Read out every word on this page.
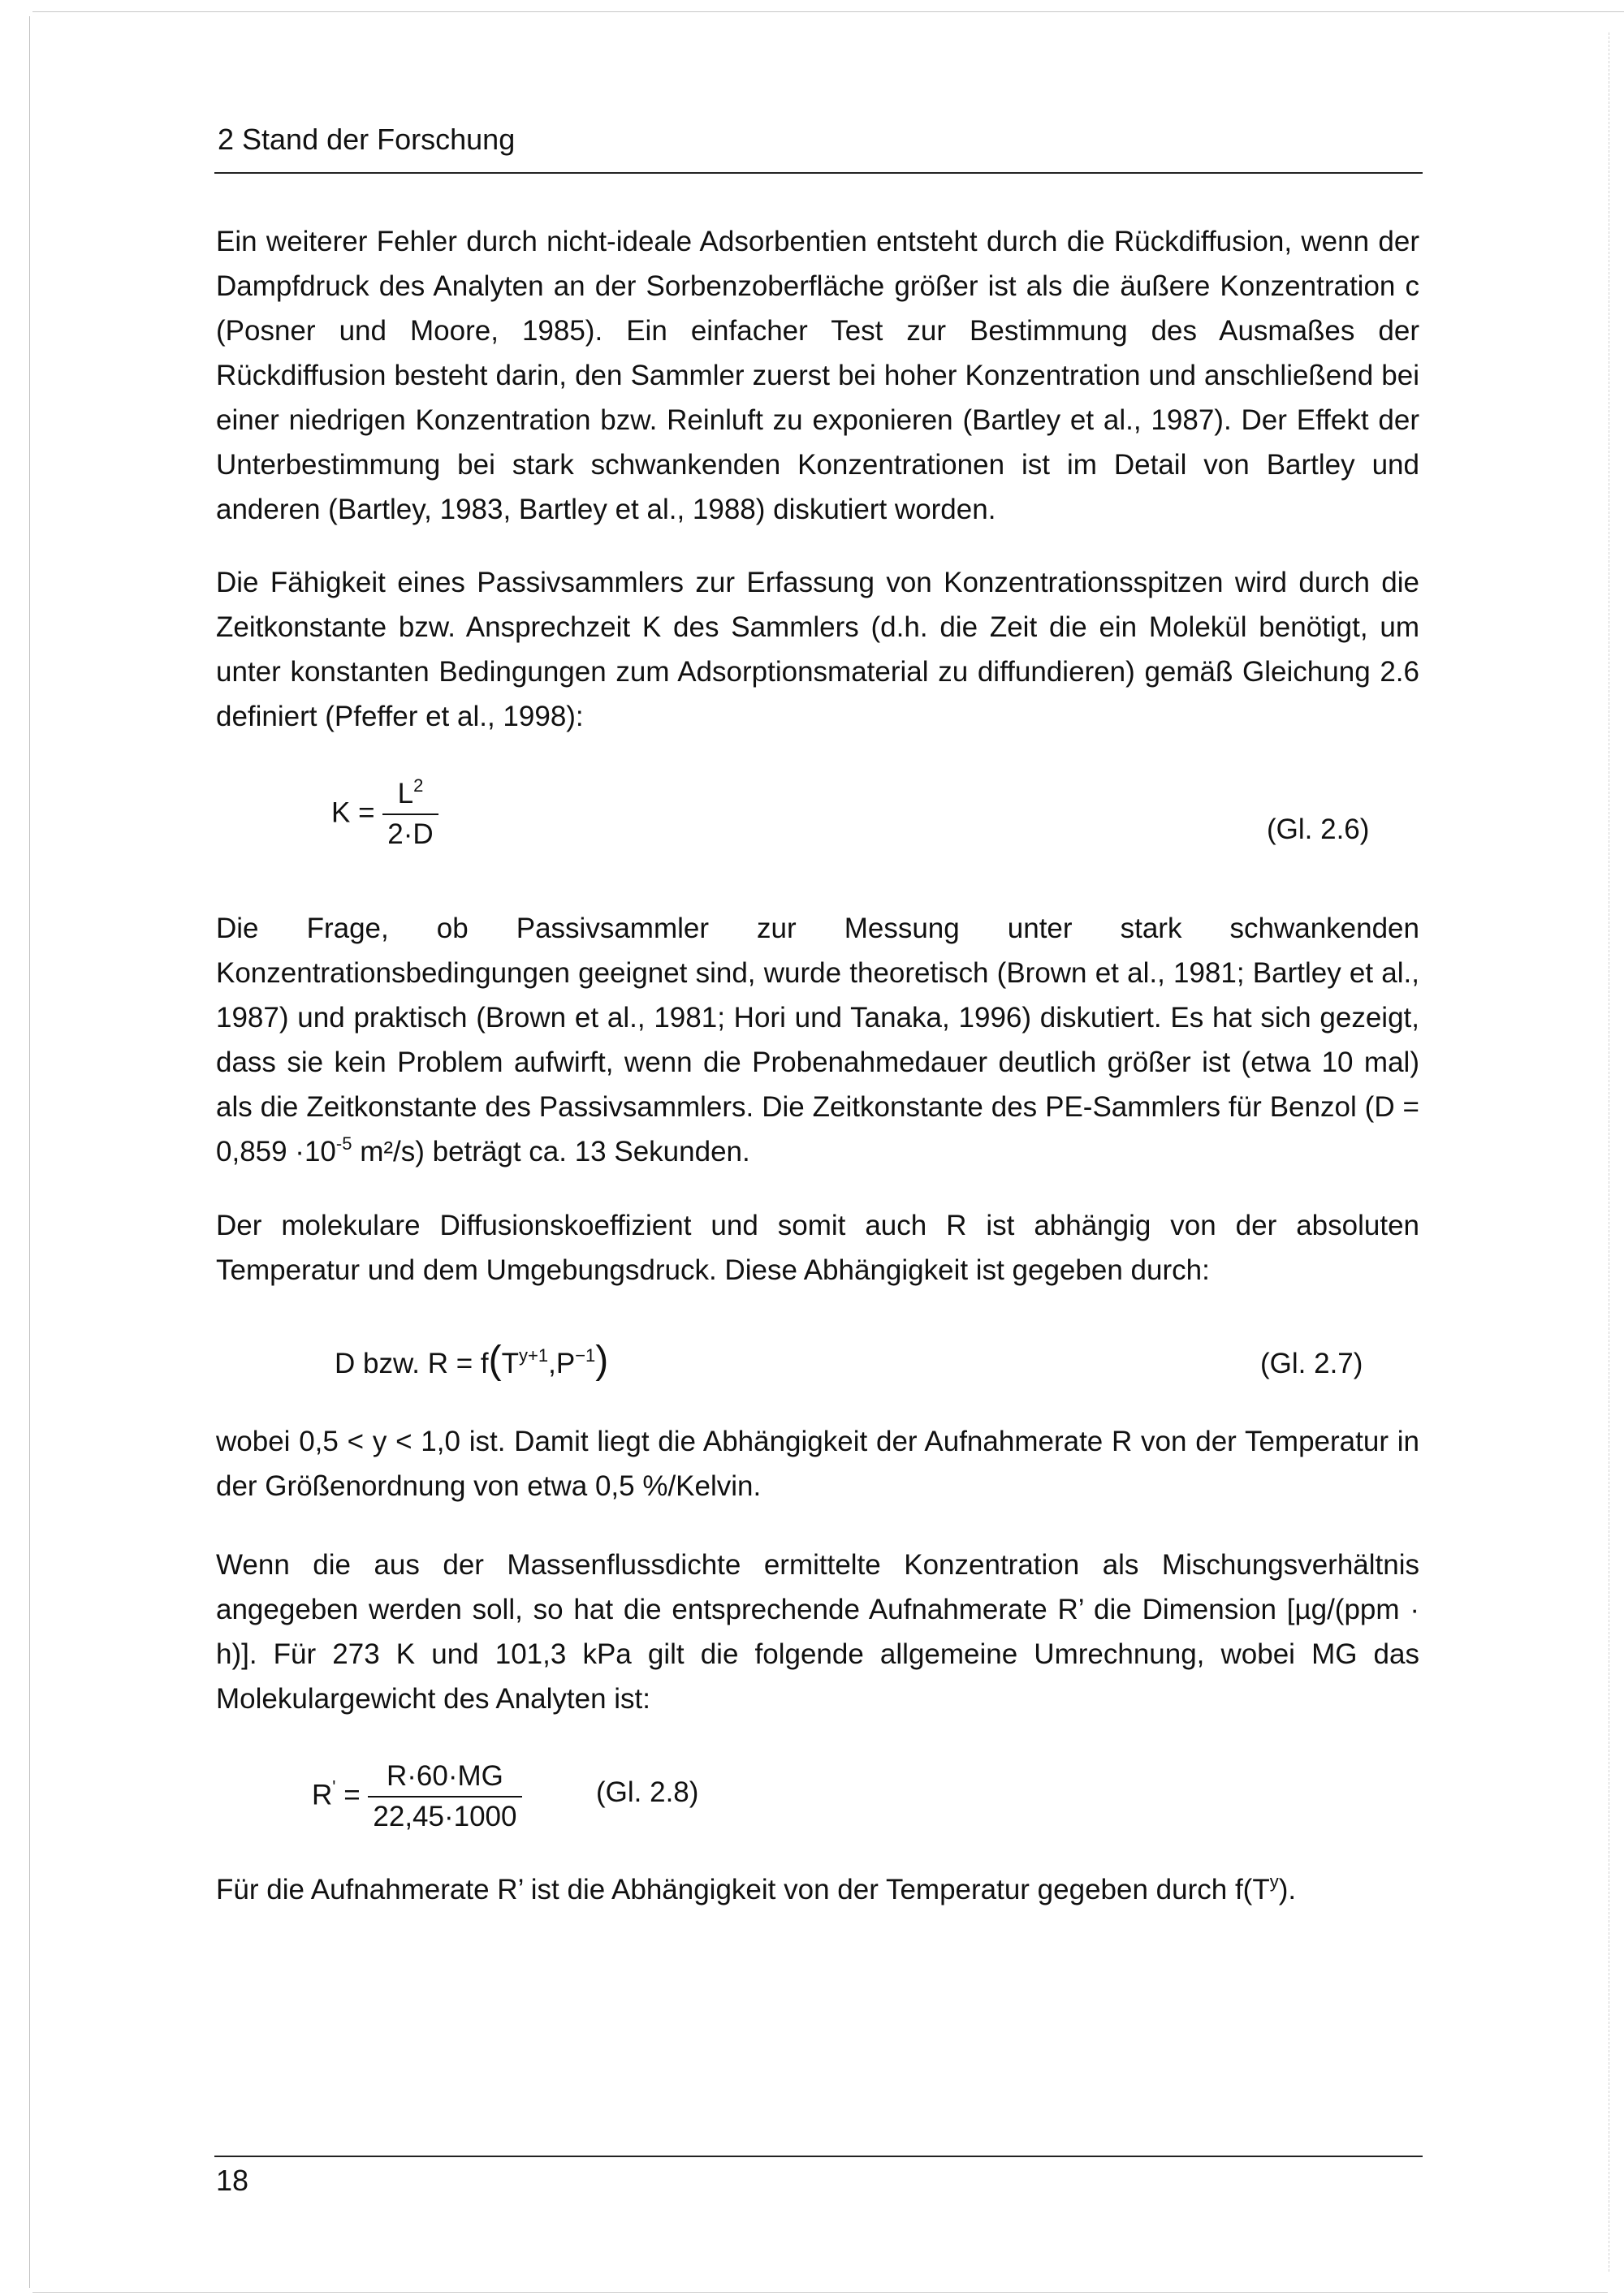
2 Stand der Forschung

Ein weiterer Fehler durch nicht-ideale Adsorbentien entsteht durch die Rückdiffusion, wenn der Dampfdruck des Analyten an der Sorbenzoberfläche größer ist als die äußere Konzentration c (Posner und Moore, 1985). Ein einfacher Test zur Bestimmung des Ausmaßes der Rückdiffusion besteht darin, den Sammler zuerst bei hoher Konzentration und anschließend bei einer niedrigen Konzentration bzw. Reinluft zu exponieren (Bartley et al., 1987). Der Effekt der Unterbestimmung bei stark schwankenden Konzentrationen ist im Detail von Bartley und anderen (Bartley, 1983, Bartley et al., 1988) diskutiert worden.

Die Fähigkeit eines Passivsammlers zur Erfassung von Konzentrationsspitzen wird durch die Zeitkonstante bzw. Ansprechzeit K des Sammlers (d.h. die Zeit die ein Molekül benötigt, um unter konstanten Bedingungen zum Adsorptionsmaterial zu diffundieren) gemäß Gleichung 2.6 definiert (Pfeffer et al., 1998):

$K = \frac{L^2}{2\cdot D}$	(Gl. 2.6)

Die Frage, ob Passivsammler zur Messung unter stark schwankenden Konzentrationsbedingungen geeignet sind, wurde theoretisch (Brown et al., 1981; Bartley et al., 1987) und praktisch (Brown et al., 1981; Hori und Tanaka, 1996) diskutiert. Es hat sich gezeigt, dass sie kein Problem aufwirft, wenn die Probenahmedauer deutlich größer ist (etwa 10 mal) als die Zeitkonstante des Passivsammlers. Die Zeitkonstante des PE-Sammlers für Benzol ($D = 0,859 \cdot 10^{-5}$ m²/s) beträgt ca. 13 Sekunden.

Der molekulare Diffusionskoeffizient und somit auch R ist abhängig von der absoluten Temperatur und dem Umgebungsdruck. Diese Abhängigkeit ist gegeben durch:

D bzw. $R = f(T^{y+1},P^{-1})$	(Gl. 2.7)

wobei 0,5 < y < 1,0 ist. Damit liegt die Abhängigkeit der Aufnahmerate R von der Temperatur in der Größenordnung von etwa 0,5 %/Kelvin.

Wenn die aus der Massenflussdichte ermittelte Konzentration als Mischungsverhältnis angegeben werden soll, so hat die entsprechende Aufnahmerate R’ die Dimension [µg/(ppm · h)]. Für 273 K und 101,3 kPa gilt die folgende allgemeine Umrechnung, wobei MG das Molekulargewicht des Analyten ist:

$R' = \frac{R\cdot 60\cdot MG}{22,45\cdot 1000}$	(Gl. 2.8)

Für die Aufnahmerate R’ ist die Abhängigkeit von der Temperatur gegeben durch $f(T^y)$.

18
